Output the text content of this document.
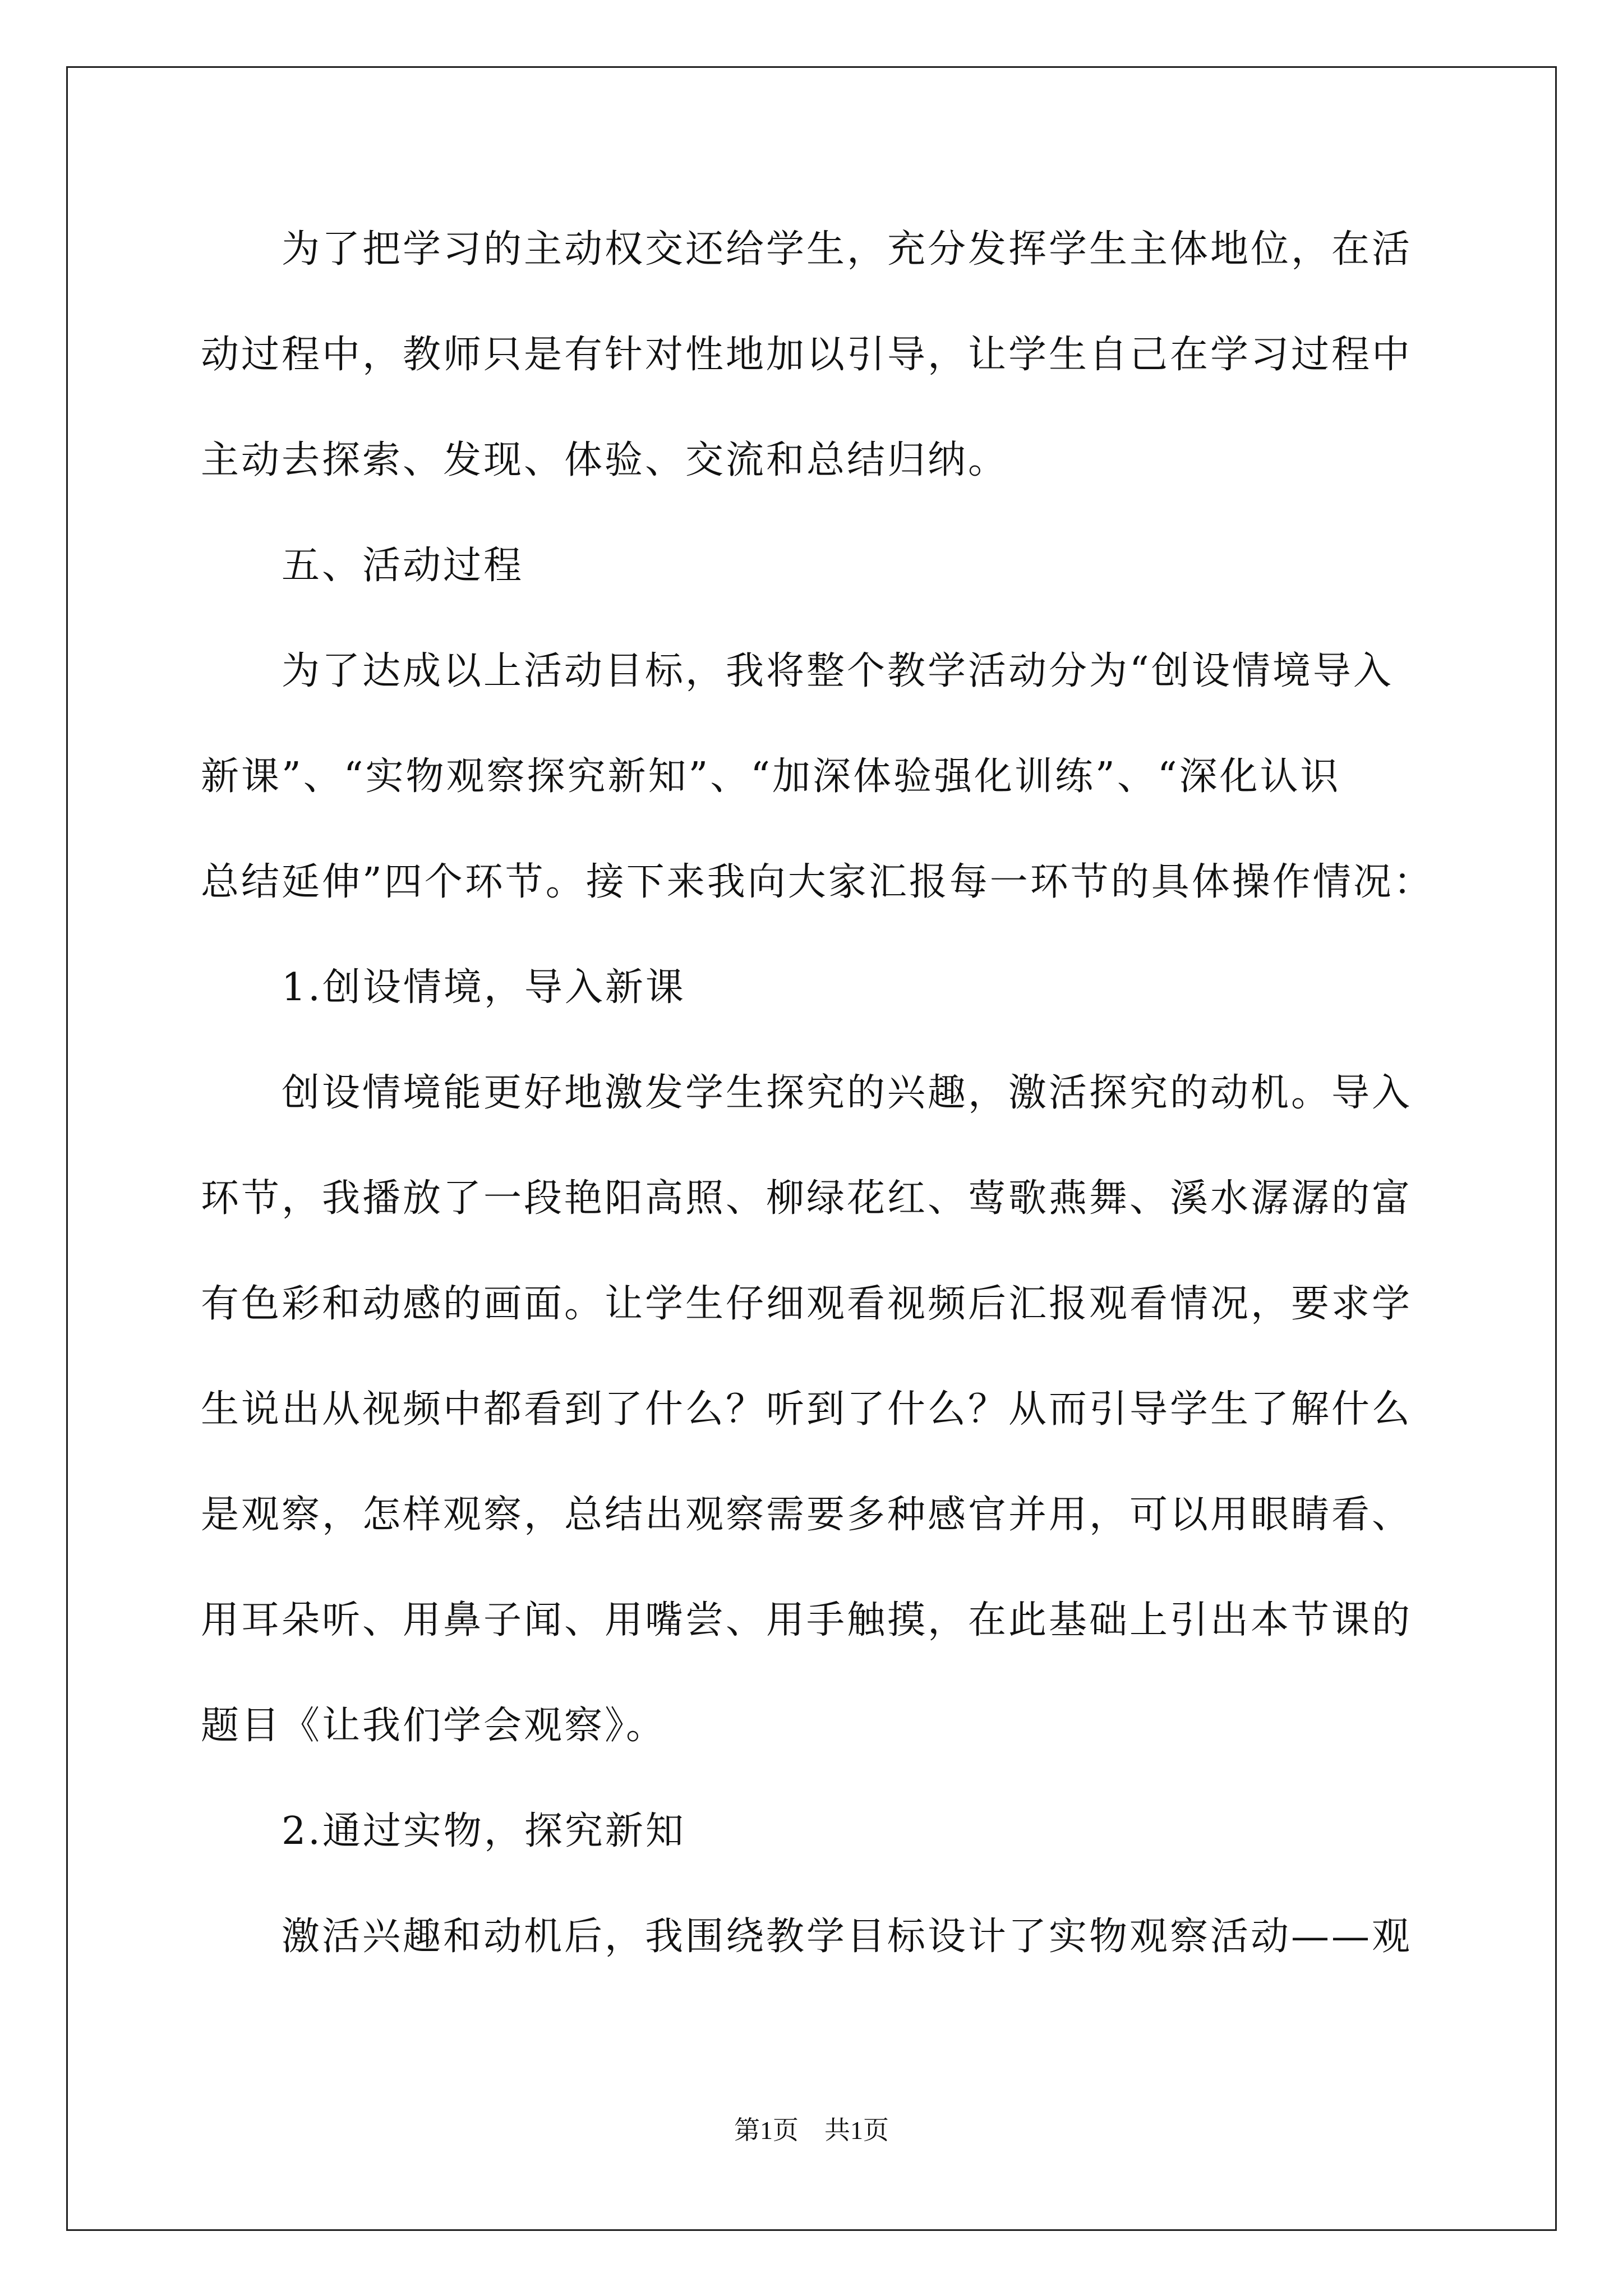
　　为了把学习的主动权交还给学生，充分发挥学生主体地位，在活
动过程中，教师只是有针对性地加以引导，让学生自己在学习过程中
主动去探索、发现、体验、交流和总结归纳。
　　五、活动过程
　　为了达成以上活动目标，我将整个教学活动分为“创设情境导入
新课”、“实物观察探究新知”、“加深体验强化训练”、“深化认识
总结延伸”四个环节。接下来我向大家汇报每一环节的具体操作情况：
　　1.创设情境，导入新课
　　创设情境能更好地激发学生探究的兴趣，激活探究的动机。导入
环节，我播放了一段艳阳高照、柳绿花红、莺歌燕舞、溪水潺潺的富
有色彩和动感的画面。让学生仔细观看视频后汇报观看情况，要求学
生说出从视频中都看到了什么？听到了什么？从而引导学生了解什么
是观察，怎样观察，总结出观察需要多种感官并用，可以用眼睛看、
用耳朵听、用鼻子闻、用嘴尝、用手触摸，在此基础上引出本节课的
题目《让我们学会观察》。
　　2.通过实物，探究新知
　　激活兴趣和动机后，我围绕教学目标设计了实物观察活动——观
第1页　共1页
